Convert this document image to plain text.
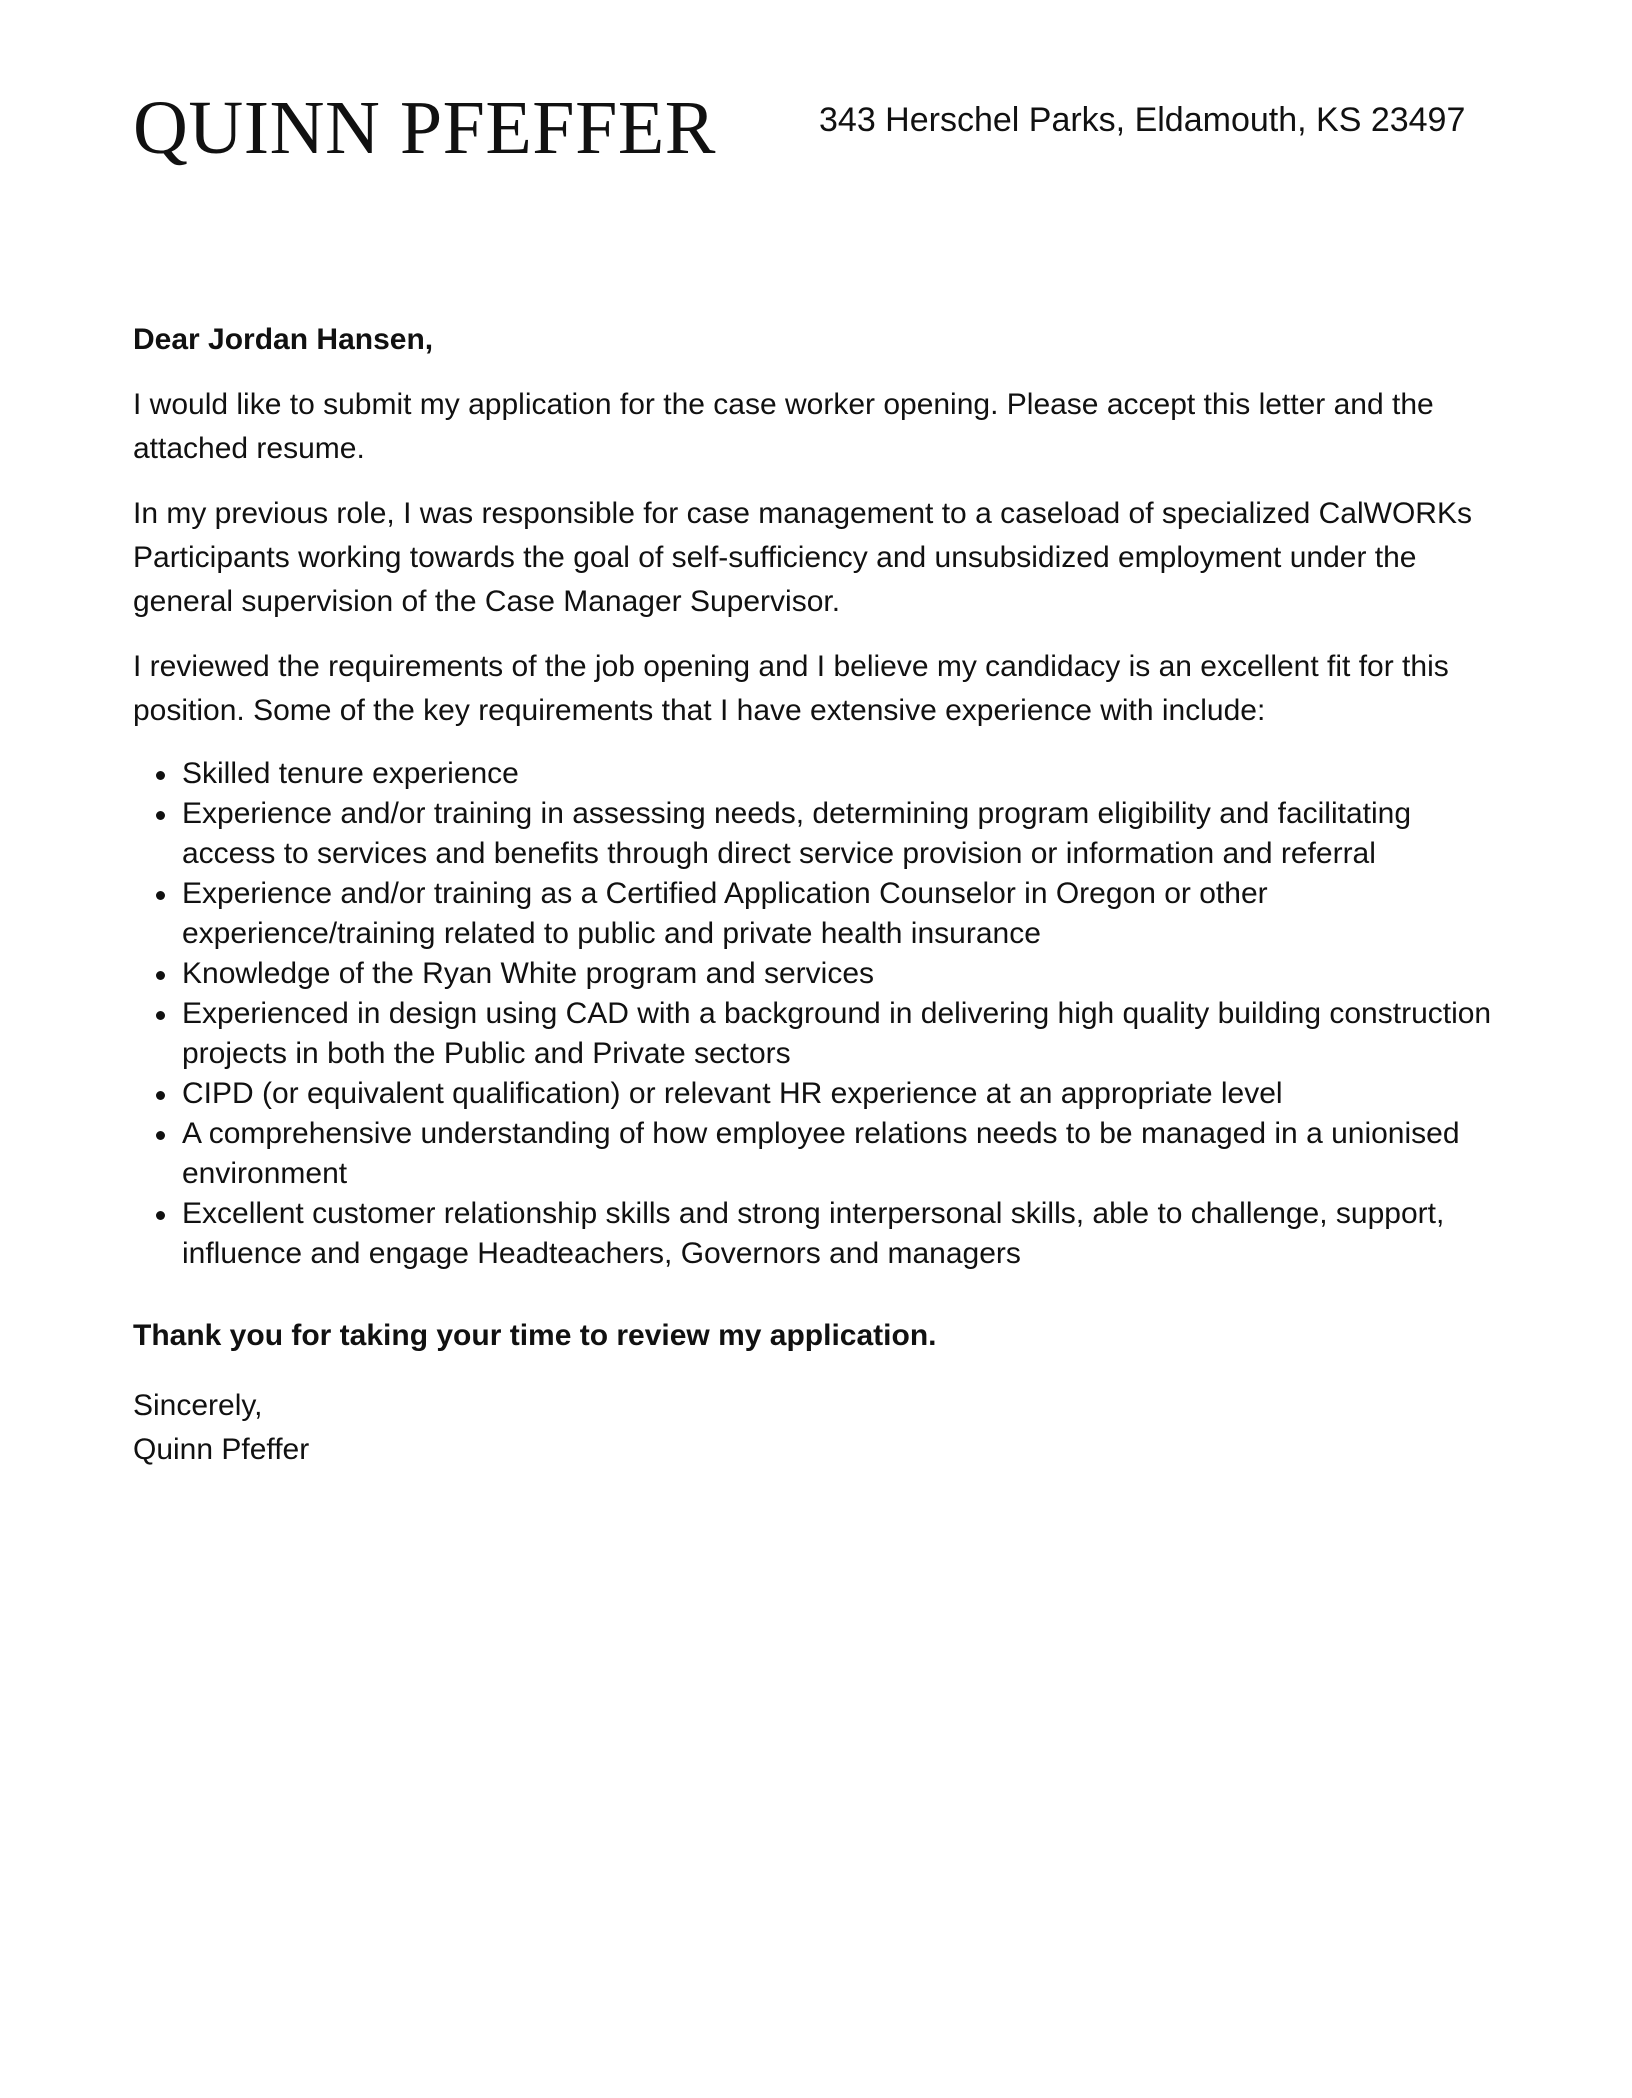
QUINN PFEFFER	343 Herschel Parks, Eldamouth, KS 23497

Dear Jordan Hansen,

I would like to submit my application for the case worker opening. Please accept this letter and the attached resume.

In my previous role, I was responsible for case management to a caseload of specialized CalWORKs Participants working towards the goal of self-sufficiency and unsubsidized employment under the general supervision of the Case Manager Supervisor.

I reviewed the requirements of the job opening and I believe my candidacy is an excellent fit for this position. Some of the key requirements that I have extensive experience with include:

Skilled tenure experience
Experience and/or training in assessing needs, determining program eligibility and facilitating access to services and benefits through direct service provision or information and referral
Experience and/or training as a Certified Application Counselor in Oregon or other experience/training related to public and private health insurance
Knowledge of the Ryan White program and services
Experienced in design using CAD with a background in delivering high quality building construction projects in both the Public and Private sectors
CIPD (or equivalent qualification) or relevant HR experience at an appropriate level
A comprehensive understanding of how employee relations needs to be managed in a unionised environment
Excellent customer relationship skills and strong interpersonal skills, able to challenge, support, influence and engage Headteachers, Governors and managers

Thank you for taking your time to review my application.

Sincerely,

Quinn Pfeffer
